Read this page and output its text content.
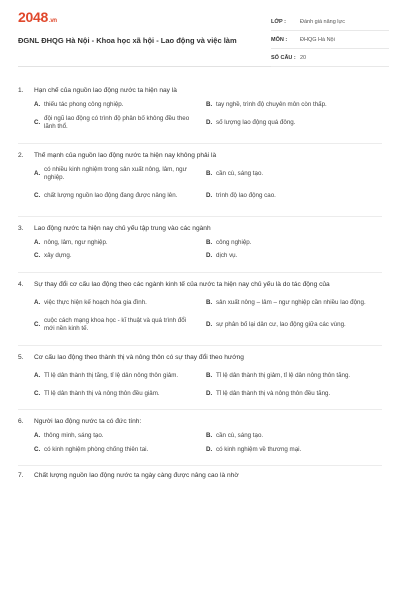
2048.vn
ĐGNL ĐHQG Hà Nội - Khoa học xã hội - Lao động và việc làm
LỚP :	Đánh giá năng lực
MÔN :	ĐHQG Hà Nội
SỐ CÂU : 20
1.	Hạn chế của nguồn lao động nước ta hiện nay là
A. thiếu tác phong công nghiệp.	B. tay nghề, trình độ chuyên môn còn thấp.
C.
đội ngũ lao động có trình độ phân bố không đều theo lãnh thổ.
D. số lượng lao động quá đông.
2.	Thế mạnh của nguồn lao động nước ta hiện nay không phải là
A.
có nhiều kinh nghiệm trong sản xuất nông, lâm, ngư nghiệp.
B. cần cù, sáng tạo.
C. chất lượng nguồn lao động đang được nâng lên.	D. trình độ lao động cao.
3.	Lao động nước ta hiện nay chủ yếu tập trung vào các ngành
A. nông, lâm, ngư nghiệp.	B. công nghiệp.
C. xây dựng.	D. dịch vụ.
4.	Sự thay đổi cơ cấu lao động theo các ngành kinh tế của nước ta hiện nay chủ yếu là do tác động của
A. việc thực hiện kế hoạch hóa gia đình.	B. sản xuất nông – lâm – ngư nghiệp cần nhiều lao động.
C.
cuộc cách mạng khoa học - kĩ thuật và quá trình đổi mới nền kinh tế.
D. sự phân bố lại dân cư, lao động giữa các vùng.
5.	Cơ cấu lao động theo thành thị và nông thôn có sự thay đổi theo hướng
A. Tỉ lệ dân thành thị tăng, tỉ lệ dân nông thôn giảm.	B. Tỉ lệ dân thành thị giảm, tỉ lệ dân nông thôn tăng.
C. Tỉ lệ dân thành thị và nông thôn đều giảm.	D. Tỉ lệ dân thành thị và nông thôn đều tăng.
6.	Người lao động nước ta có đức tính:
A. thông minh, sáng tạo.	B. cần cù, sáng tạo.
C. có kinh nghiệm phòng chống thiên tai.	D. có kinh nghiệm về thương mại.
7.	Chất lượng nguồn lao động nước ta ngày càng được nâng cao là nhờ
